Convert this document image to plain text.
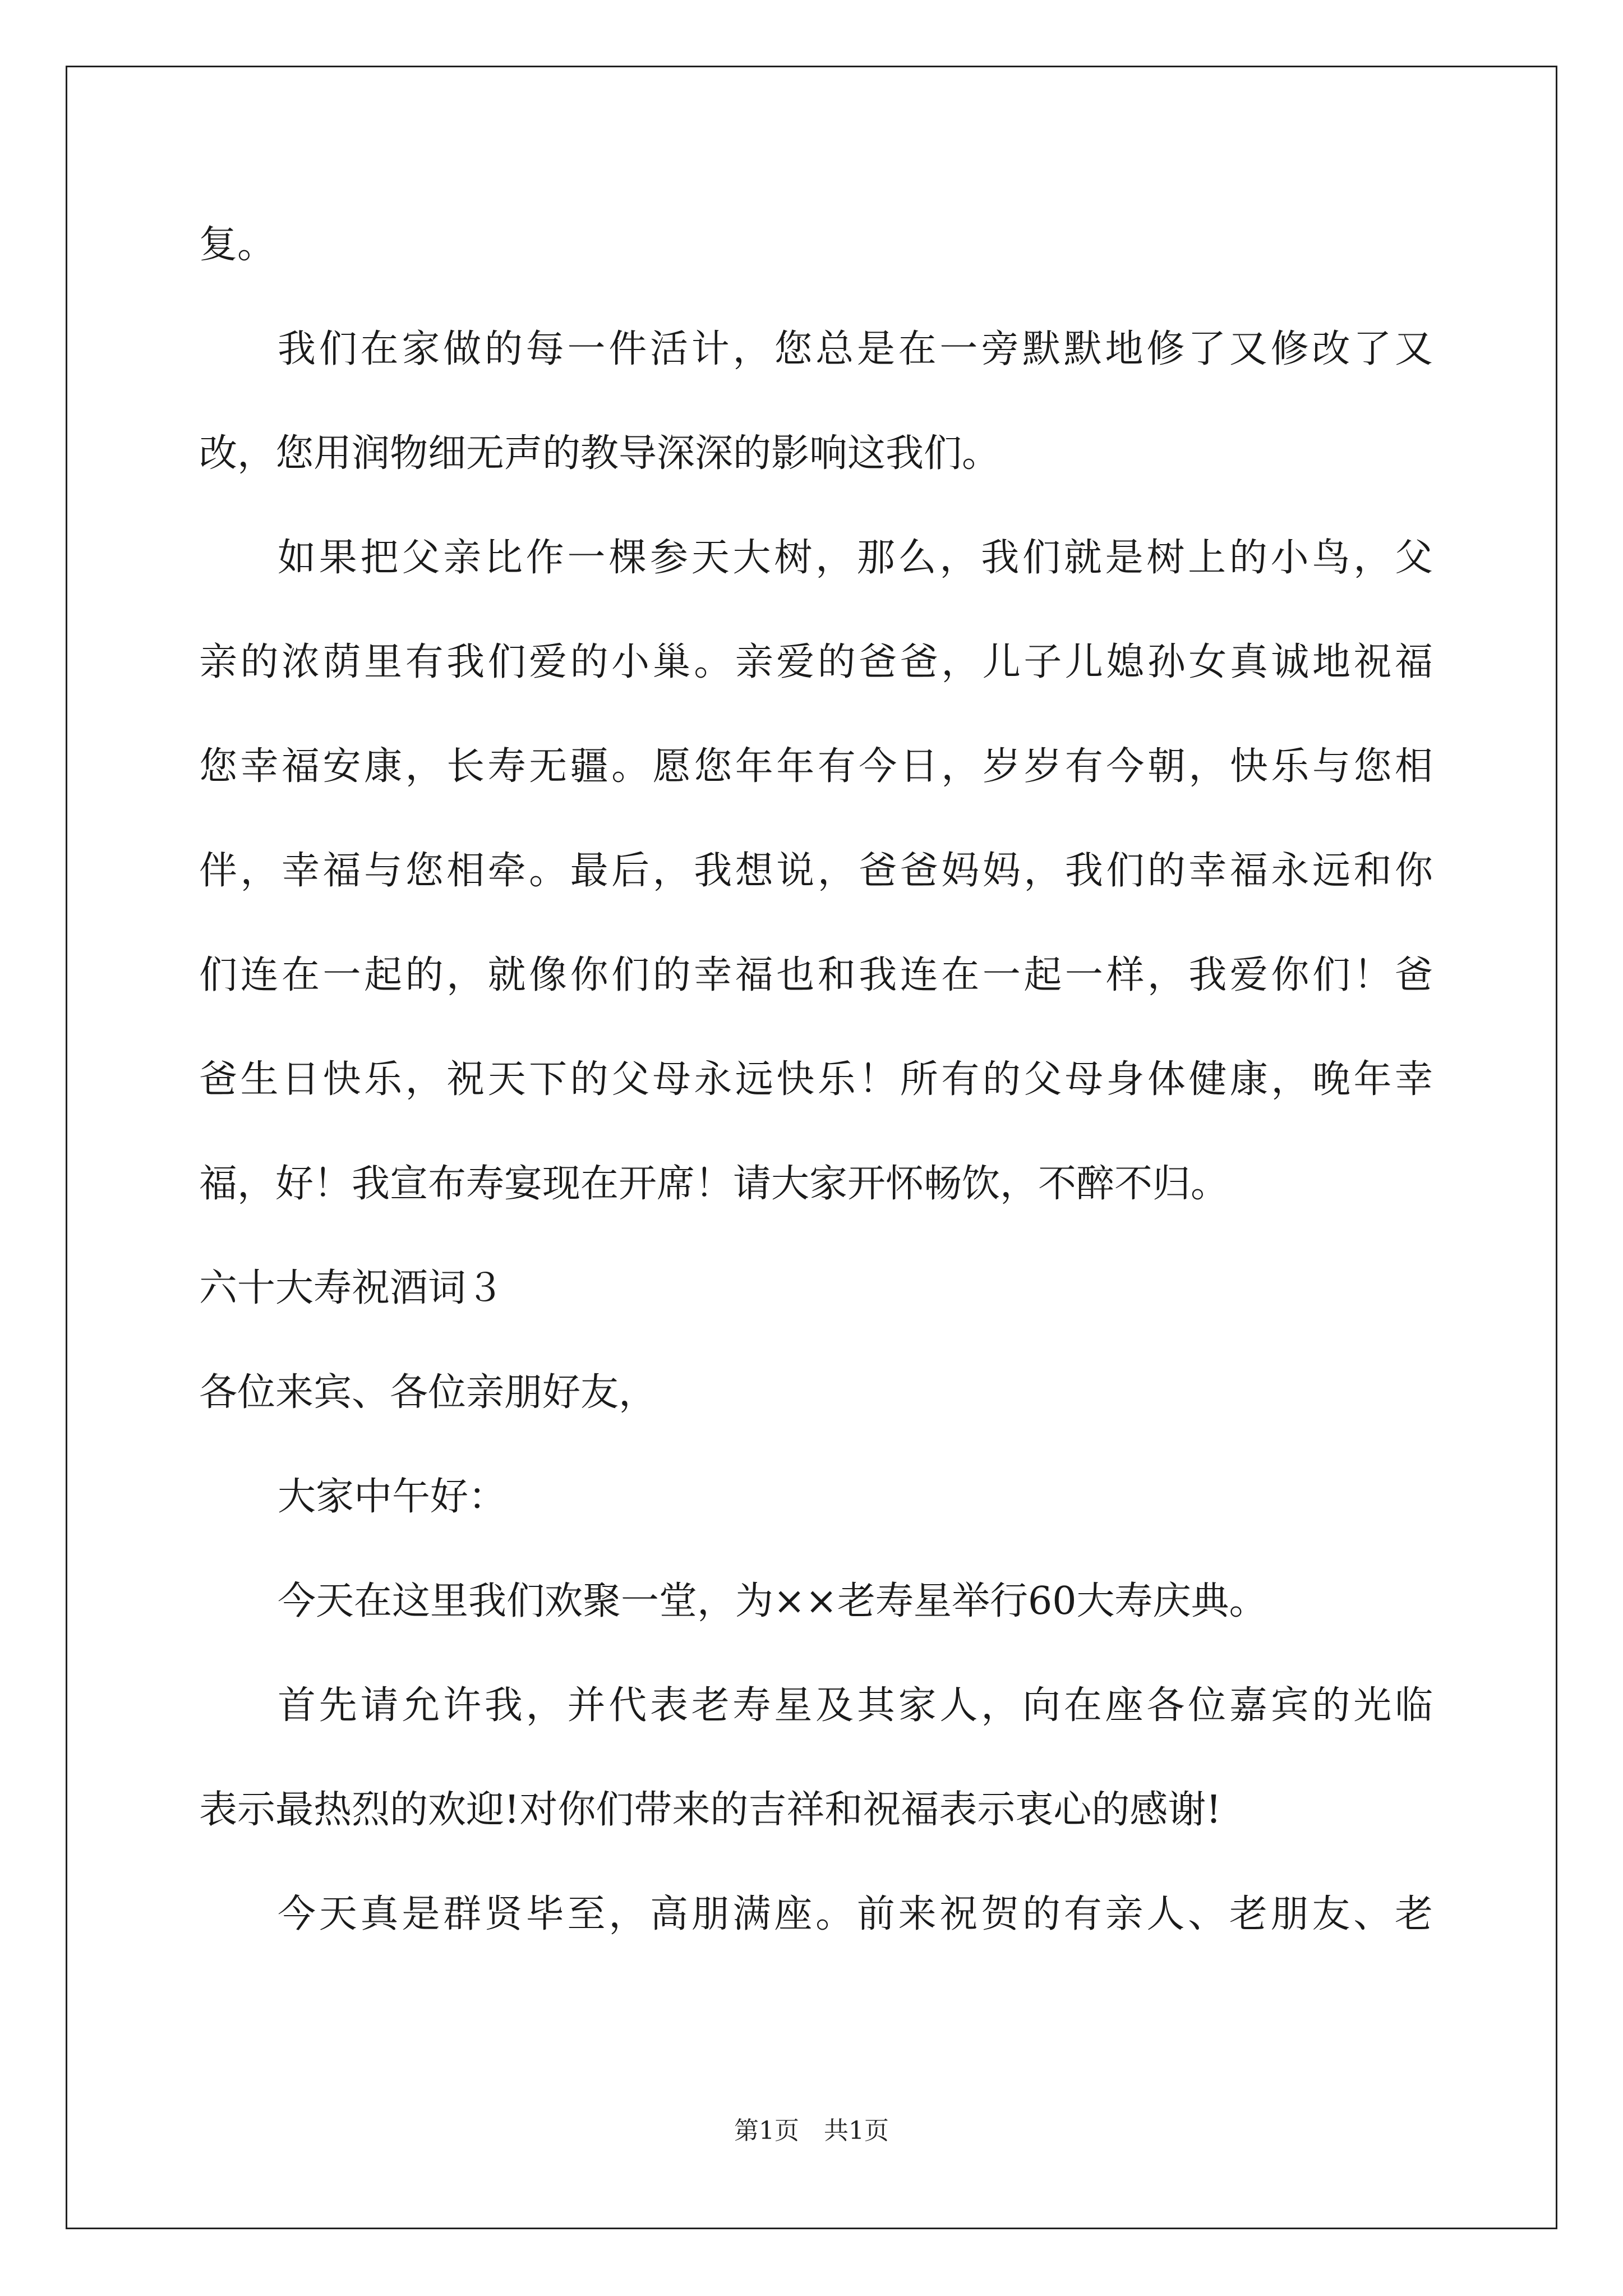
复。
我们在家做的每一件活计，您总是在一旁默默地修了又修改了又
改，您用润物细无声的教导深深的影响这我们。
如果把父亲比作一棵参天大树，那么，我们就是树上的小鸟，父
亲的浓荫里有我们爱的小巢。亲爱的爸爸，儿子儿媳孙女真诚地祝福
您幸福安康，长寿无疆。愿您年年有今日，岁岁有今朝，快乐与您相
伴，幸福与您相牵。最后，我想说，爸爸妈妈，我们的幸福永远和你
们连在一起的，就像你们的幸福也和我连在一起一样，我爱你们！爸
爸生日快乐，祝天下的父母永远快乐！所有的父母身体健康，晚年幸
福，好！我宣布寿宴现在开席！请大家开怀畅饮，不醉不归。
六十大寿祝酒词３
各位来宾、各位亲朋好友，
大家中午好：
今天在这里我们欢聚一堂，为××老寿星举行60大寿庆典。
首先请允许我，并代表老寿星及其家人，向在座各位嘉宾的光临
表示最热烈的欢迎!对你们带来的吉祥和祝福表示衷心的感谢!
今天真是群贤毕至，高朋满座。前来祝贺的有亲人、老朋友、老
第1页　共1页
